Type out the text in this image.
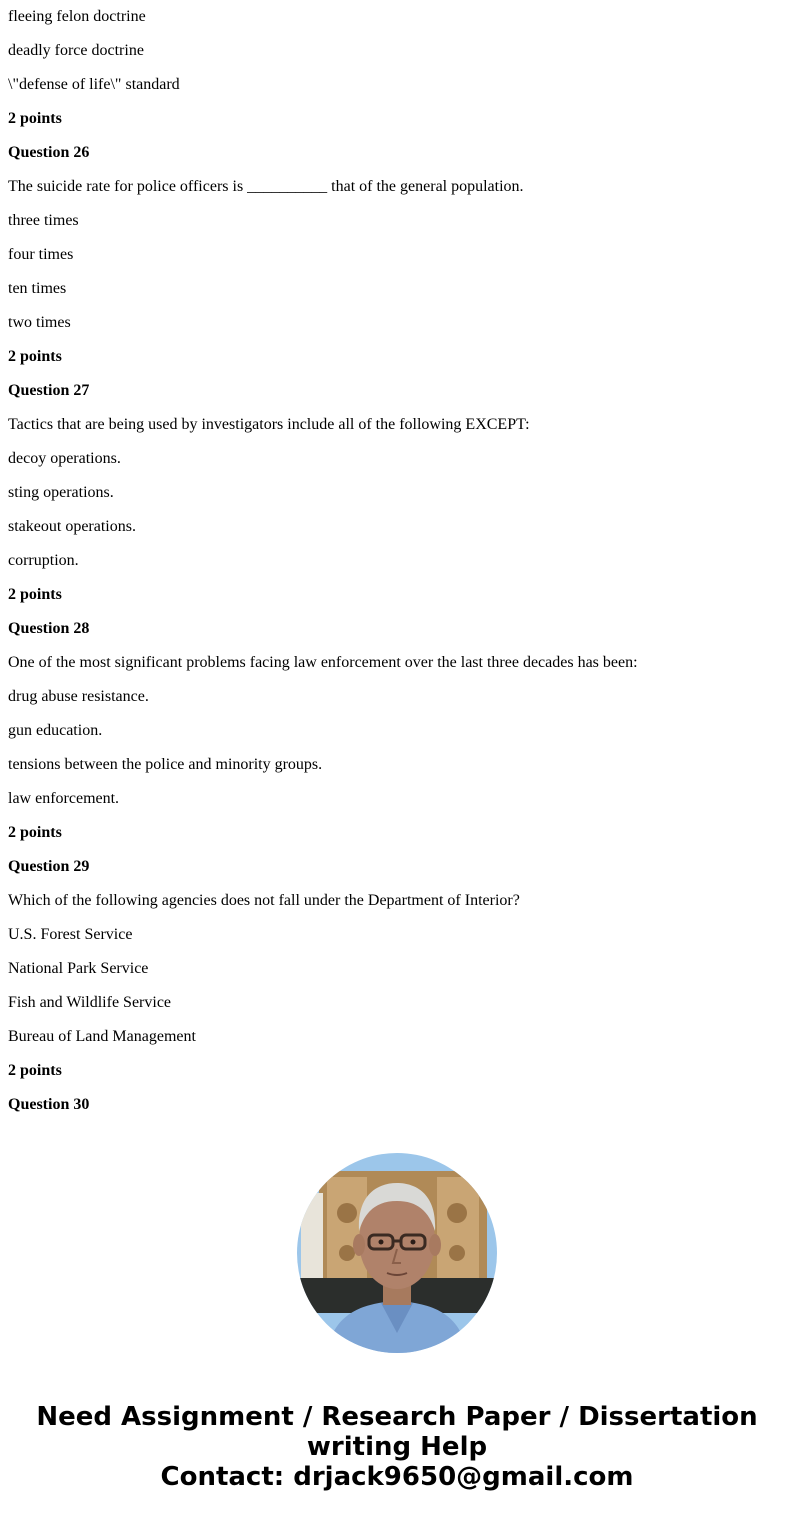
fleeing felon doctrine
deadly force doctrine
\"defense of life\" standard
2 points
Question 26
The suicide rate for police officers is __________ that of the general population.
three times
four times
ten times
two times
2 points
Question 27
Tactics that are being used by investigators include all of the following EXCEPT:
decoy operations.
sting operations.
stakeout operations.
corruption.
2 points
Question 28
One of the most significant problems facing law enforcement over the last three decades has been:
drug abuse resistance.
gun education.
tensions between the police and minority groups.
law enforcement.
2 points
Question 29
Which of the following agencies does not fall under the Department of Interior?
U.S. Forest Service
National Park Service
Fish and Wildlife Service
Bureau of Land Management
2 points
Question 30
Need Assignment / Research Paper / Dissertation
writing Help
Contact: drjack9650@gmail.com
